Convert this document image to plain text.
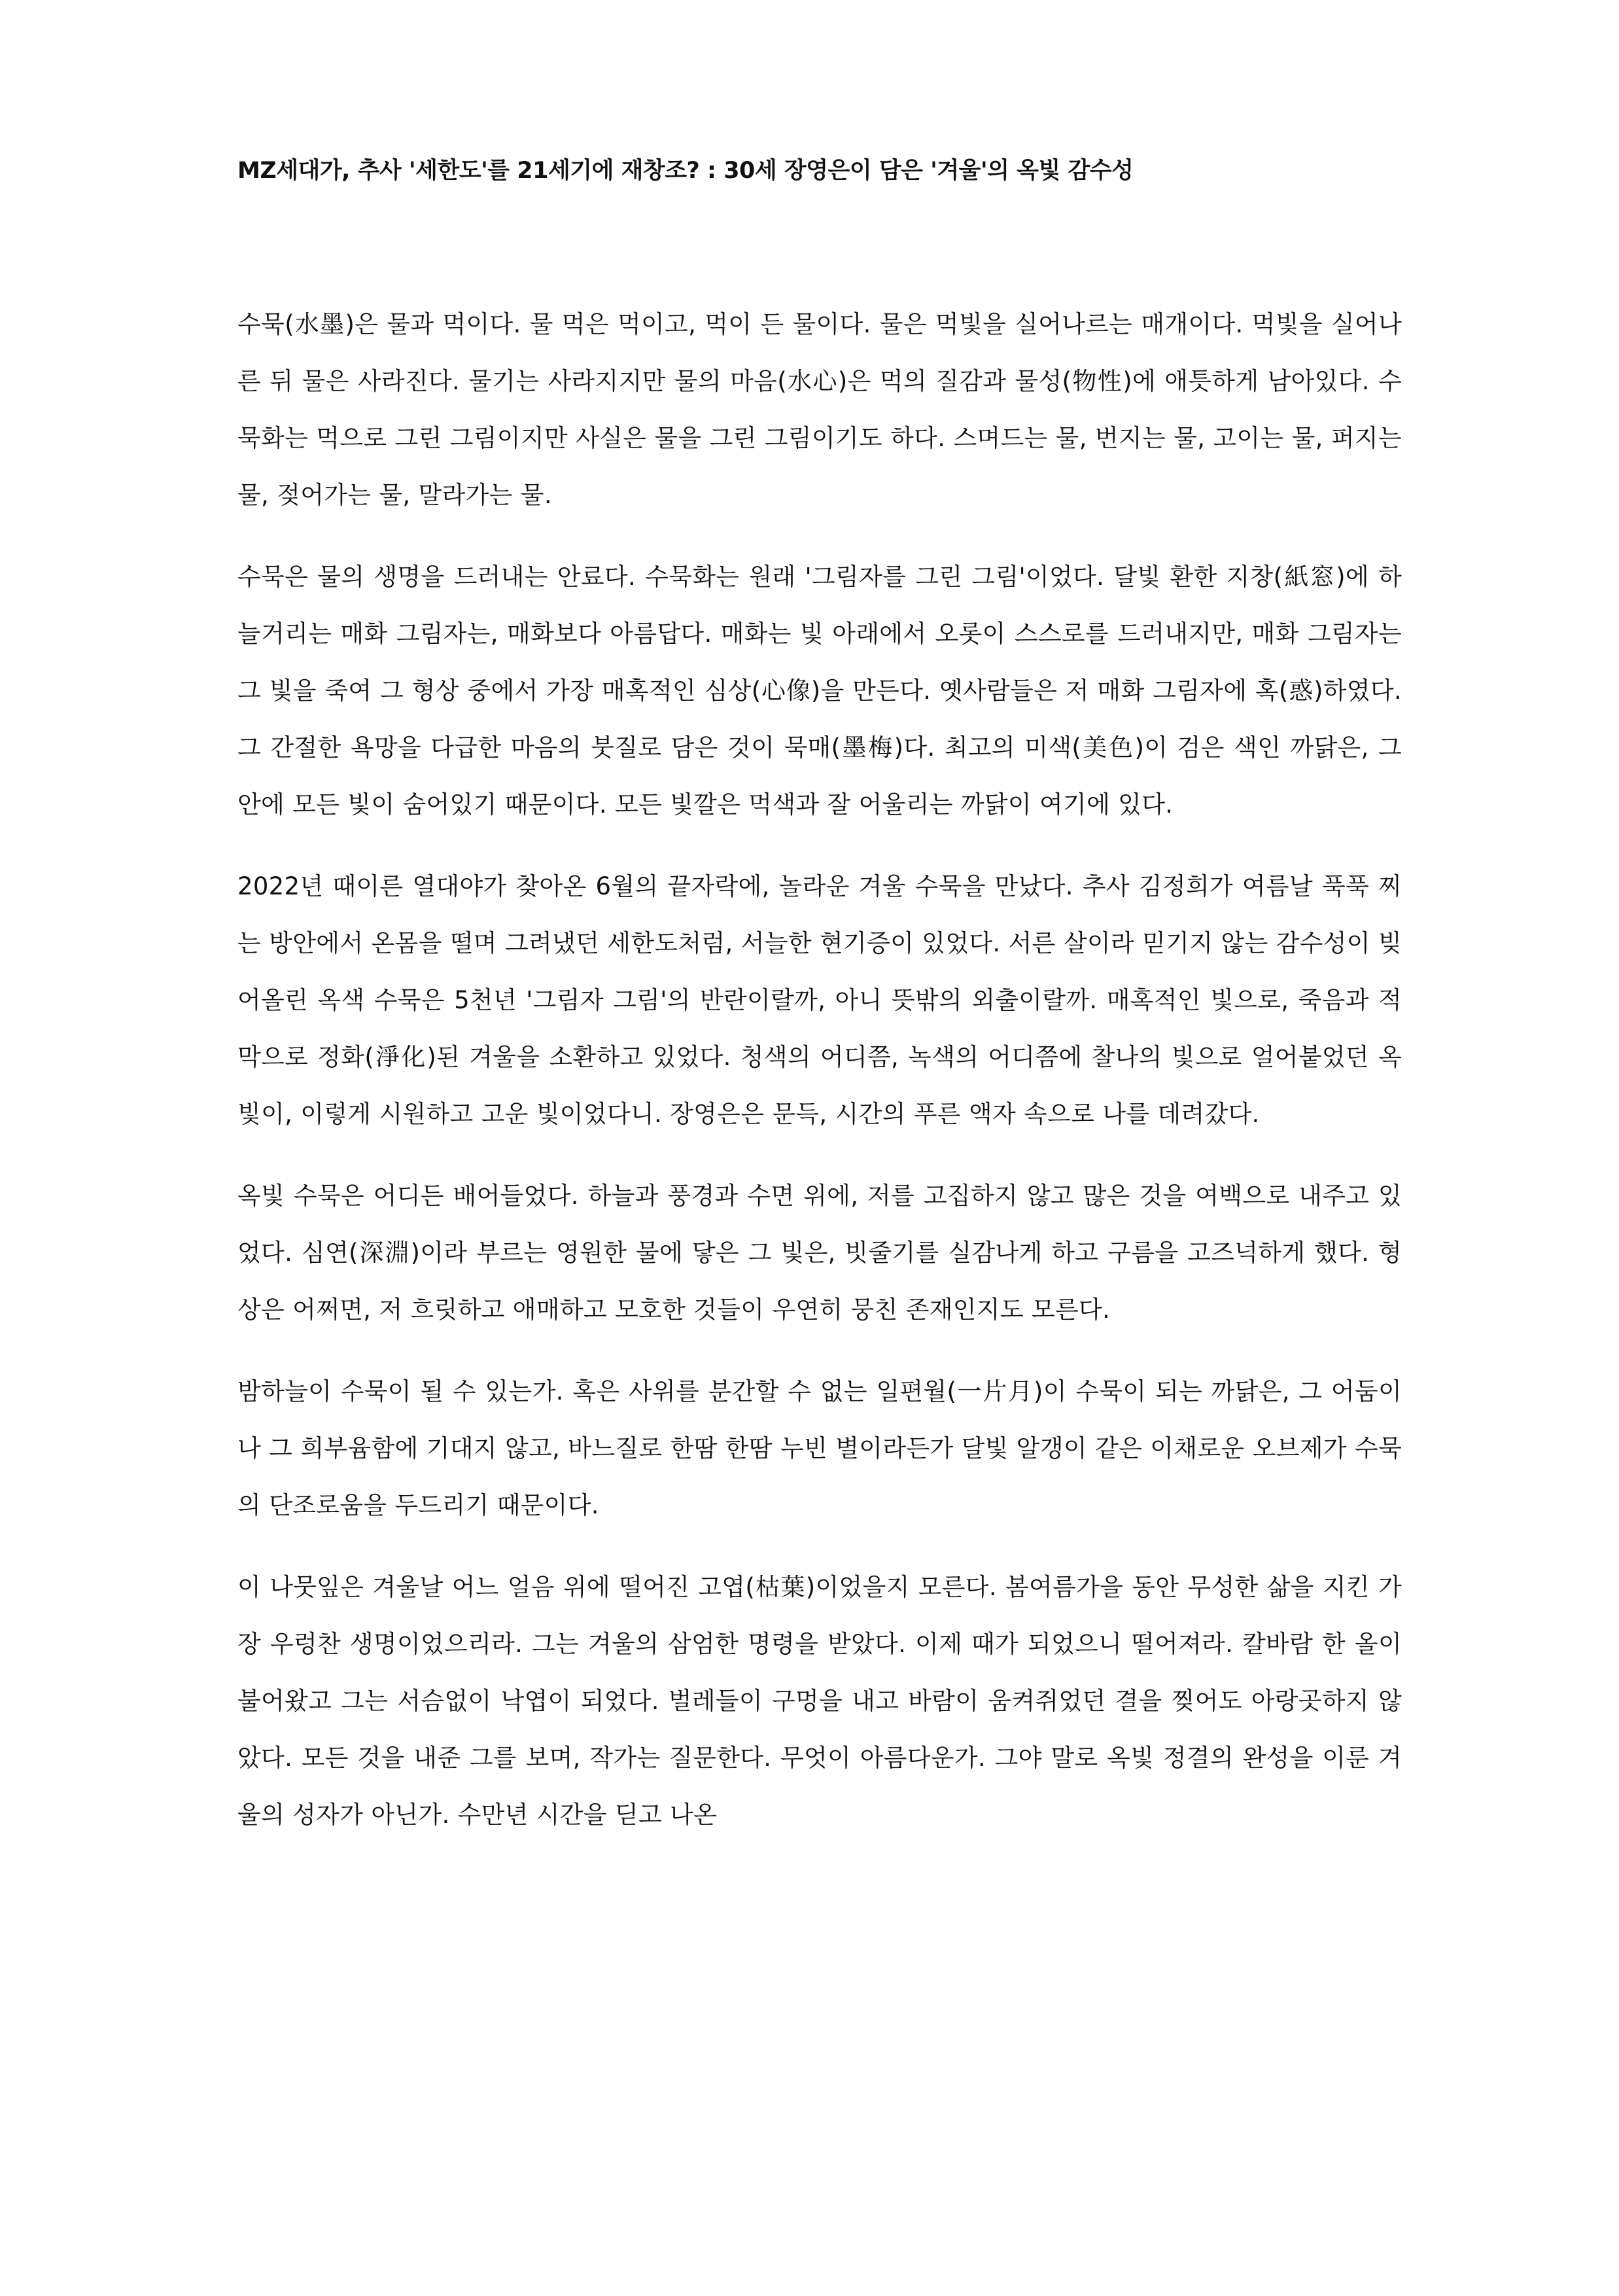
MZ세대가, 추사 '세한도'를 21세기에 재창조? : 30세 장영은이 담은 '겨울'의 옥빛 감수성

수묵(水墨)은 물과 먹이다. 물 먹은 먹이고, 먹이 든 물이다. 물은 먹빛을 실어나르는 매개이다. 먹빛을 실어나른 뒤 물은 사라진다. 물기는 사라지지만 물의 마음(水心)은 먹의 질감과 물성(物性)에 애틋하게 남아있다. 수묵화는 먹으로 그린 그림이지만 사실은 물을 그린 그림이기도 하다. 스며드는 물, 번지는 물, 고이는 물, 퍼지는 물, 젖어가는 물, 말라가는 물.

수묵은 물의 생명을 드러내는 안료다. 수묵화는 원래 '그림자를 그린 그림'이었다. 달빛 환한 지창(紙窓)에 하늘거리는 매화 그림자는, 매화보다 아름답다. 매화는 빛 아래에서 오롯이 스스로를 드러내지만, 매화 그림자는 그 빛을 죽여 그 형상 중에서 가장 매혹적인 심상(心像)을 만든다. 옛사람들은 저 매화 그림자에 혹(惑)하였다. 그 간절한 욕망을 다급한 마음의 붓질로 담은 것이 묵매(墨梅)다. 최고의 미색(美色)이 검은 색인 까닭은, 그 안에 모든 빛이 숨어있기 때문이다. 모든 빛깔은 먹색과 잘 어울리는 까닭이 여기에 있다.

2022년 때이른 열대야가 찾아온 6월의 끝자락에, 놀라운 겨울 수묵을 만났다. 추사 김정희가 여름날 푹푹 찌는 방안에서 온몸을 떨며 그려냈던 세한도처럼, 서늘한 현기증이 있었다. 서른 살이라 믿기지 않는 감수성이 빚어올린 옥색 수묵은 5천년 '그림자 그림'의 반란이랄까, 아니 뜻밖의 외출이랄까. 매혹적인 빛으로, 죽음과 적막으로 정화(淨化)된 겨울을 소환하고 있었다. 청색의 어디쯤, 녹색의 어디쯤에 찰나의 빛으로 얼어붙었던 옥빛이, 이렇게 시원하고 고운 빛이었다니. 장영은은 문득, 시간의 푸른 액자 속으로 나를 데려갔다.

옥빛 수묵은 어디든 배어들었다. 하늘과 풍경과 수면 위에, 저를 고집하지 않고 많은 것을 여백으로 내주고 있었다. 심연(深淵)이라 부르는 영원한 물에 닿은 그 빛은, 빗줄기를 실감나게 하고 구름을 고즈넉하게 했다. 형상은 어쩌면, 저 흐릿하고 애매하고 모호한 것들이 우연히 뭉친 존재인지도 모른다.

밤하늘이 수묵이 될 수 있는가. 혹은 사위를 분간할 수 없는 일편월(一片月)이 수묵이 되는 까닭은, 그 어둠이나 그 희부윰함에 기대지 않고, 바느질로 한땀 한땀 누빈 별이라든가 달빛 알갱이 같은 이채로운 오브제가 수묵의 단조로움을 두드리기 때문이다.

이 나뭇잎은 겨울날 어느 얼음 위에 떨어진 고엽(枯葉)이었을지 모른다. 봄여름가을 동안 무성한 삶을 지킨 가장 우렁찬 생명이었으리라. 그는 겨울의 삼엄한 명령을 받았다. 이제 때가 되었으니 떨어져라. 칼바람 한 올이 불어왔고 그는 서슴없이 낙엽이 되었다. 벌레들이 구멍을 내고 바람이 움켜쥐었던 결을 찢어도 아랑곳하지 않았다. 모든 것을 내준 그를 보며, 작가는 질문한다. 무엇이 아름다운가. 그야 말로 옥빛 정결의 완성을 이룬 겨울의 성자가 아닌가. 수만년 시간을 딛고 나온
